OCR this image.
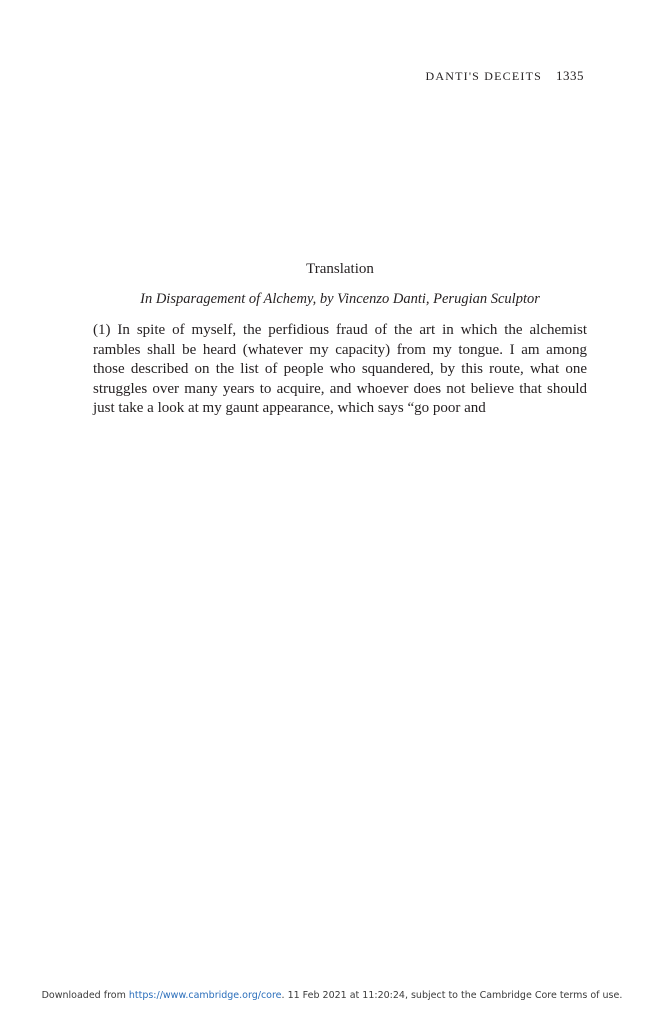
DANTI'S DECEITS 1335
Translation
In Disparagement of Alchemy, by Vincenzo Danti, Perugian Sculptor

(1) In spite of myself, the perfidious fraud of the art in which the alchemist rambles shall be heard (whatever my capacity) from my tongue. I am among those described on the list of people who squandered, by this route, what one struggles over many years to acquire, and whoever does not believe that should just take a look at my gaunt appearance, which says “go poor and

Downloaded from https://www.cambridge.org/core. 11 Feb 2021 at 11:20:24, subject to the Cambridge Core terms of use.
